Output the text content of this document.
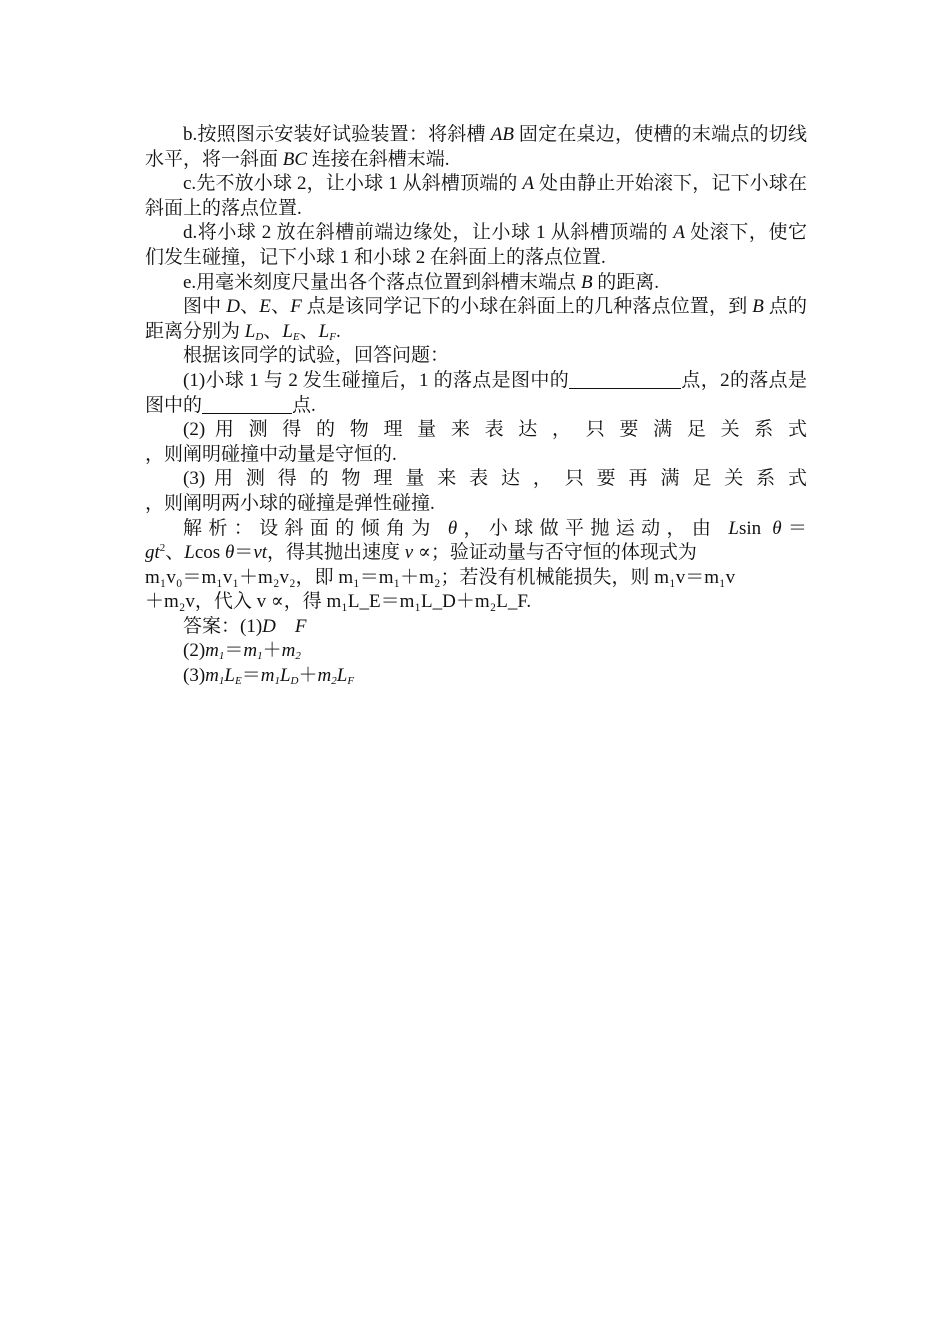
b.按照图示安装好试验装置：将斜槽 AB 固定在桌边，使槽的末端点的切线水平，将一斜面 BC 连接在斜槽末端.

c.先不放小球 2，让小球 1 从斜槽顶端的 A 处由静止开始滚下，记下小球在斜面上的落点位置.

d.将小球 2 放在斜槽前端边缘处，让小球 1 从斜槽顶端的 A 处滚下，使它们发生碰撞，记下小球 1 和小球 2 在斜面上的落点位置.

e.用毫米刻度尺量出各个落点位置到斜槽末端点 B 的距离.

图中 D、E、F 点是该同学记下的小球在斜面上的几种落点位置，到 B 点的距离分别为 $L_D$、$L_E$、$L_F$.

根据该同学的试验，回答问题：

(1)小球 1 与 2 发生碰撞后，1 的落点是图中的	点，2的落点是图中的	点.

(2) 用 测 得 的 物 理 量 来 表 达 ， 只 要 满 足 关 系 式

，则阐明碰撞中动量是守恒的.

(3) 用 测 得 的 物 理 量 来 表 达 ， 只 要 再 满 足 关 系 式

，则阐明两小球的碰撞是弹性碰撞.

解析：设斜面的倾角为 θ，小球做平抛运动，由 Lsin θ＝

$gt^2$、Lcos θ＝vt，得其抛出速度 v ∝；验证动量与否守恒的体现式为

m₁v₀＝m₁v₁＋m₂v₂，即 m₁＝m₁＋m₂；若没有机械能损失，则 m₁v＝m₁v

＋m₂v，代入 v ∝，得 m₁L_E＝m₁L_D＋m₂L_F.

答案：(1)D F

$(2)m_1=m_1+m_2$

$(3)m_1L_E=m_1L_D+m_2L_F$
